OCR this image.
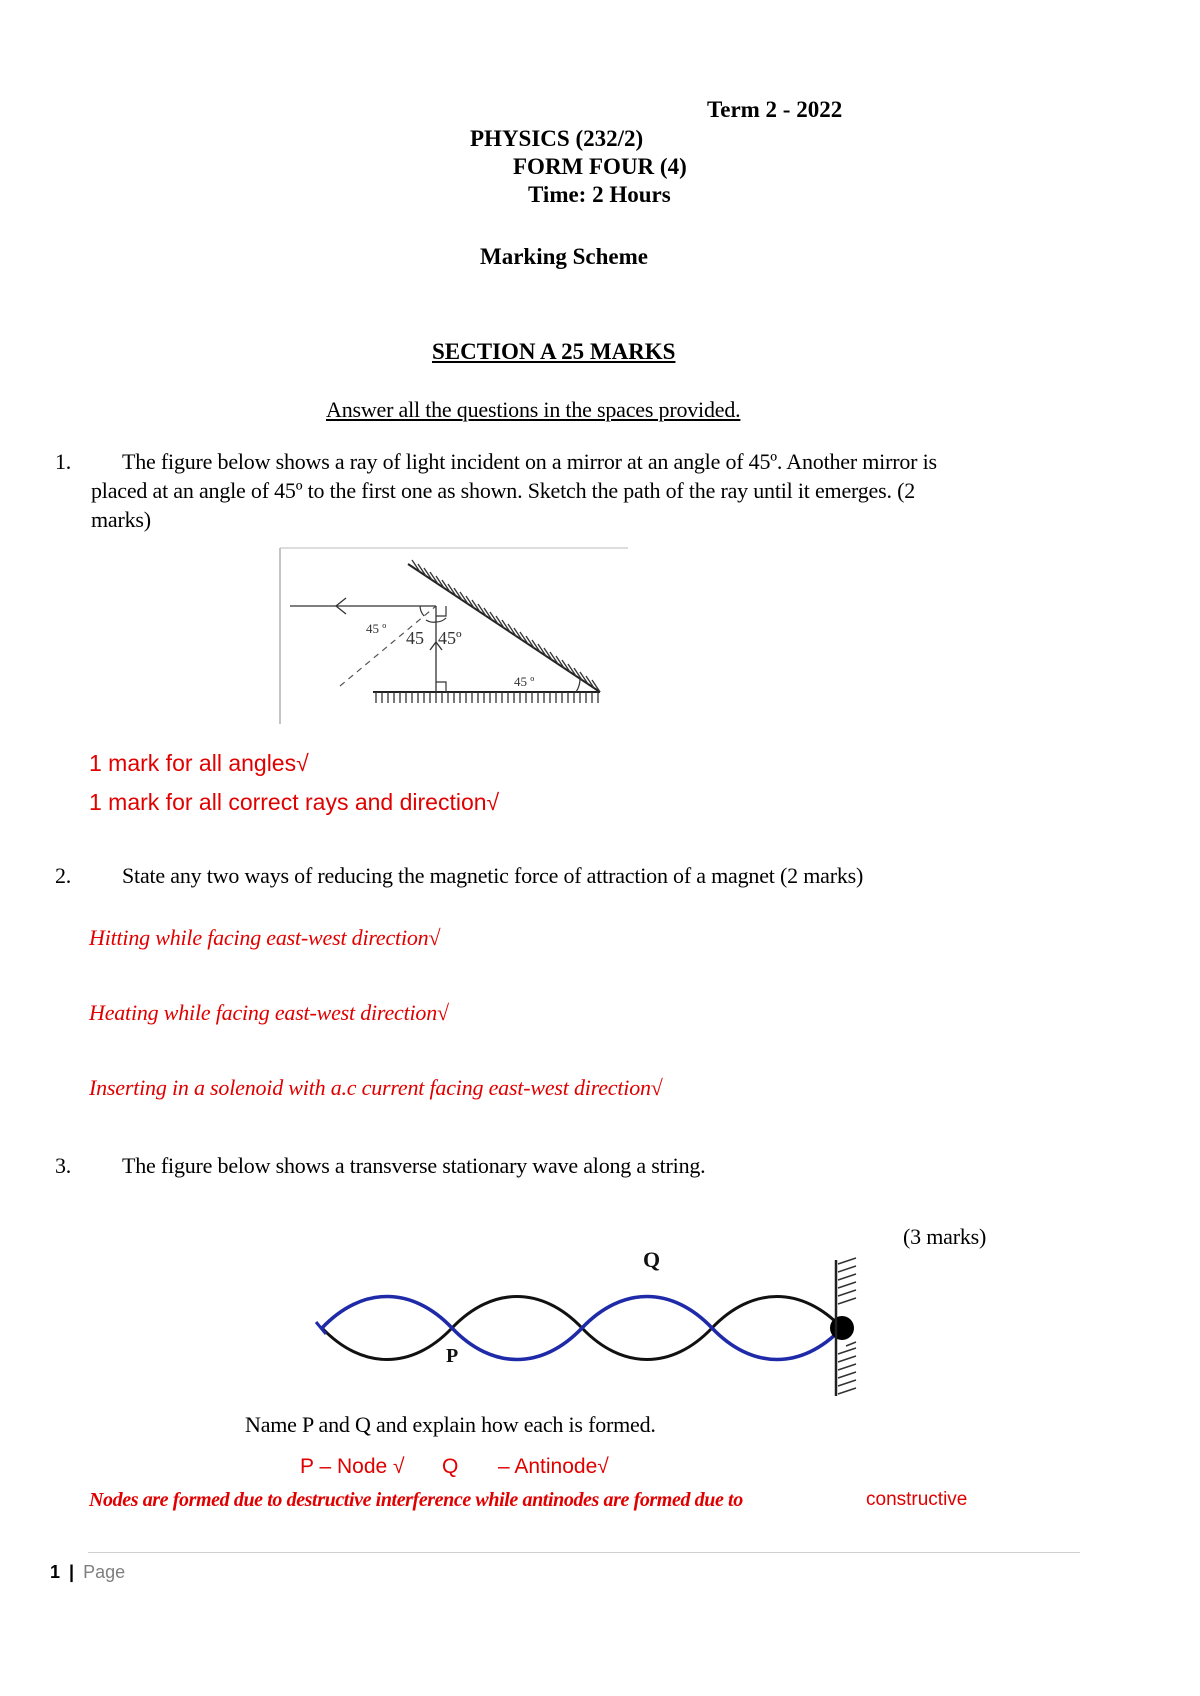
Term 2 - 2022
PHYSICS (232/2)
FORM FOUR (4)
Time: 2 Hours
Marking Scheme
SECTION A 25 MARKS
Answer all the questions in the spaces provided.
1. The figure below shows a ray of light incident on a mirror at an angle of 45º. Another mirror is
placed at an angle of 45º to the first one as shown. Sketch the path of the ray until it emerges. (2
marks)
45 º 45 45º
45 º
1 mark for all angles√
1 mark for all correct rays and direction√
2. State any two ways of reducing the magnetic force of attraction of a magnet (2 marks)
Hitting while facing east-west direction√
Heating while facing east-west direction√
Inserting in a solenoid with a.c current facing east-west direction√
3. The figure below shows a transverse stationary wave along a string.
(3 marks)
Q
P
Name P and Q and explain how each is formed.
P – Node √ Q – Antinode√
Nodes are formed due to destructive interference while antinodes are formed due to	constructive
1 | Page
